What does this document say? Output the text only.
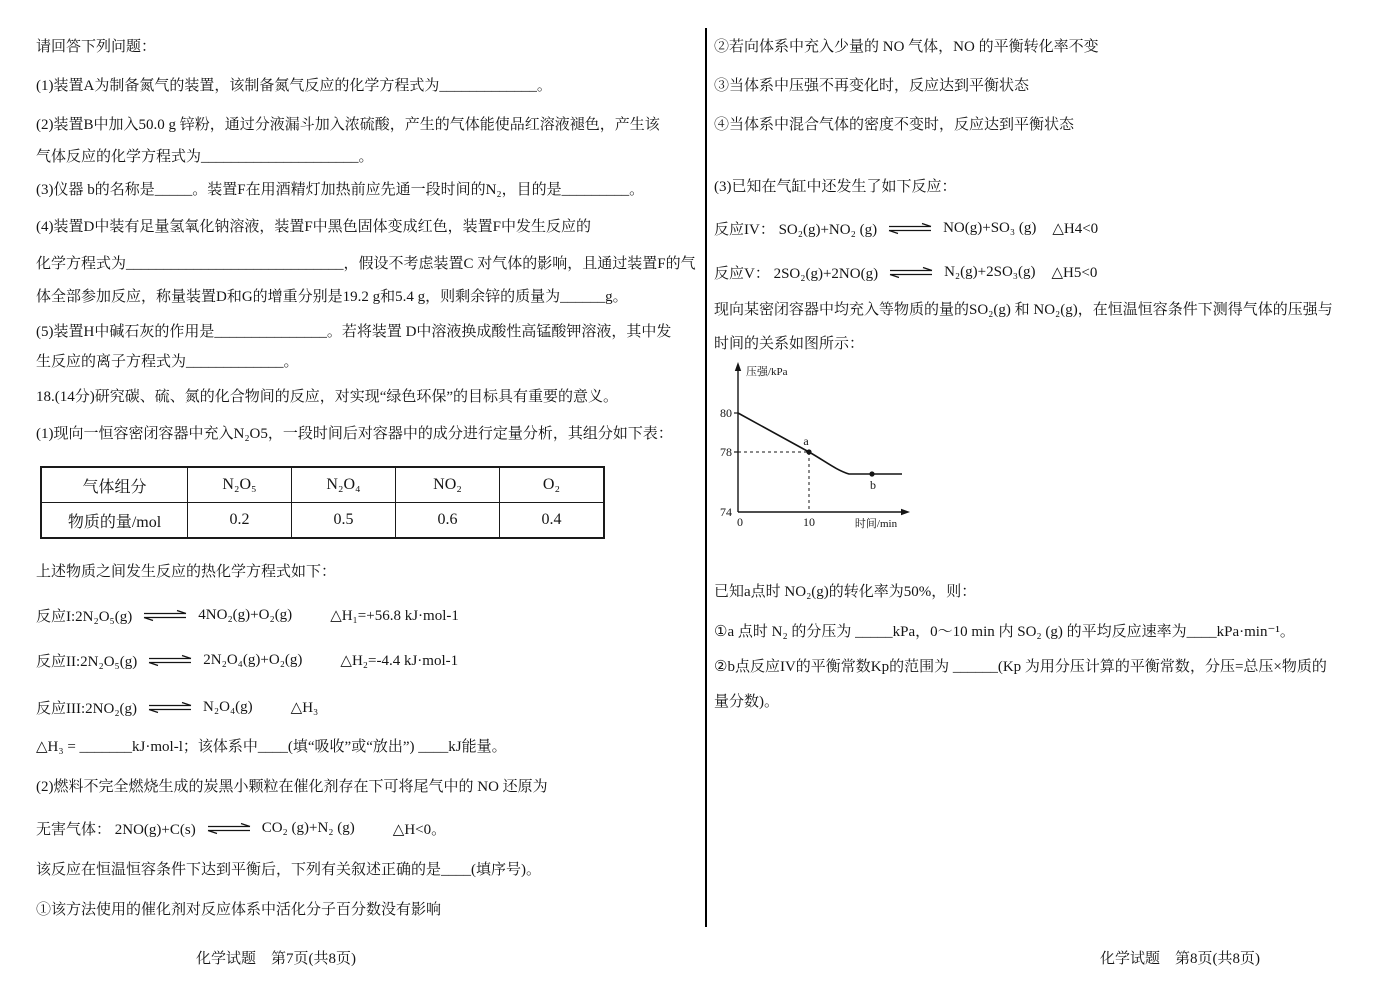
请回答下列问题：
(1)装置A为制备氮气的装置，该制备氮气反应的化学方程式为_____________。
(2)装置B中加入50.0 g 锌粉，通过分液漏斗加入浓硫酸，产生的气体能使品红溶液褪色，产生该
气体反应的化学方程式为_____________________。
(3)仪器 b的名称是_____。装置F在用酒精灯加热前应先通一段时间的N₂，目的是_________。
(4)装置D中装有足量氢氧化钠溶液，装置F中黑色固体变成红色，装置F中发生反应的
化学方程式为_____________________________，假设不考虑装置C 对气体的影响，且通过装置F的气
体全部参加反应，称量装置D和G的增重分别是19.2 g和5.4 g，则剩余锌的质量为______g。
(5)装置H中碱石灰的作用是_______________。若将装置 D中溶液换成酸性高锰酸钾溶液，其中发
生反应的离子方程式为_____________。
18.(14分)研究碳、硫、氮的化合物间的反应，对实现“绿色环保”的目标具有重要的意义。
(1)现向一恒容密闭容器中充入N₂O5，一段时间后对容器中的成分进行定量分析，其组分如下表：
气体组分	N₂O₅	N₂O₄	NO₂	O₂
物质的量/mol	0.2	0.5	0.6	0.4
上述物质之间发生反应的热化学方程式如下：
反应I:2N₂O₅(g) ⇌ 4NO₂(g)+O₂(g)	△H₁=+56.8 kJ·mol-1
反应II:2N₂O₅(g) ⇌ 2N₂O₄(g)+O₂(g)	△H₂=-4.4 kJ·mol-1
反应III:2NO₂(g) ⇌ N₂O₄(g)	△H₃
△H₃ = _______kJ·mol-l；该体系中____(填“吸收”或“放出”) ____kJ能量。
(2)燃料不完全燃烧生成的炭黑小颗粒在催化剂存在下可将尾气中的 NO 还原为
无害气体： 2NO(g)+C(s) ⇌ CO₂ (g)+N₂ (g)	△H<0。
该反应在恒温恒容条件下达到平衡后，下列有关叙述正确的是____(填序号)。
①该方法使用的催化剂对反应体系中活化分子百分数没有影响
化学试题　第7页(共8页)
②若向体系中充入少量的 NO 气体，NO 的平衡转化率不变
③当体系中压强不再变化时，反应达到平衡状态
④当体系中混合气体的密度不变时，反应达到平衡状态
(3)已知在气缸中还发生了如下反应：
反应IV： SO₂(g)+NO₂ (g) ⇌ NO(g)+SO₃ (g) △H4<0
反应V： 2SO₂(g)+2NO(g) ⇌ N₂(g)+2SO₃(g) △H5<0
现向某密闭容器中均充入等物质的量的SO₂(g) 和 NO₂(g)，在恒温恒容条件下测得气体的压强与
时间的关系如图所示：
压强/kPa
80
78
74
0	10	时间/min
a
b
已知a点时 NO₂(g)的转化率为50%，则：
①a 点时 N₂ 的分压为 _____kPa，0～10 min 内 SO₂ (g) 的平均反应速率为____kPa·min⁻¹。
②b点反应IV的平衡常数Kp的范围为 ______(Kp 为用分压计算的平衡常数，分压=总压×物质的
量分数)。
化学试题　第8页(共8页)
